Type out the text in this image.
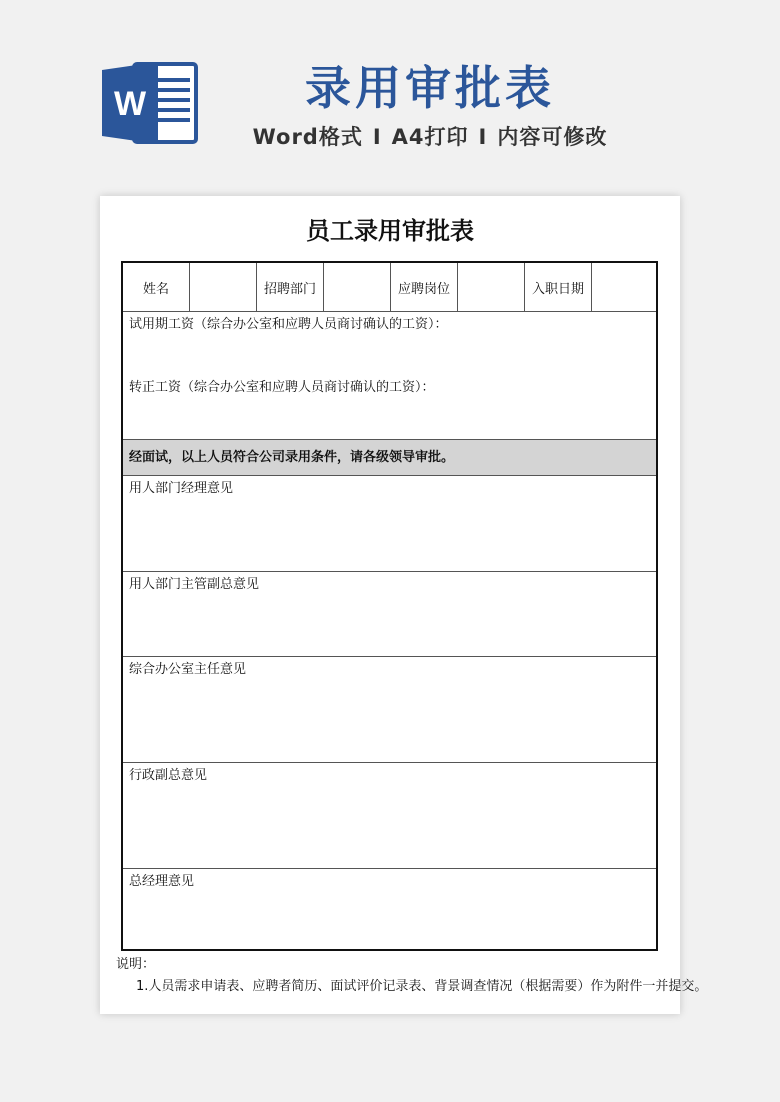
W	录用审批表
Word格式 I A4打印 I 内容可修改
员工录用审批表
姓名	招聘部门	应聘岗位	入职日期
试用期工资（综合办公室和应聘人员商讨确认的工资）：
转正工资（综合办公室和应聘人员商讨确认的工资）：
经面试，以上人员符合公司录用条件，请各级领导审批。
用人部门经理意见
用人部门主管副总意见
综合办公室主任意见
行政副总意见
总经理意见
说明：
1.人员需求申请表、应聘者简历、面试评价记录表、背景调查情况（根据需要）作为附件一并提交。
